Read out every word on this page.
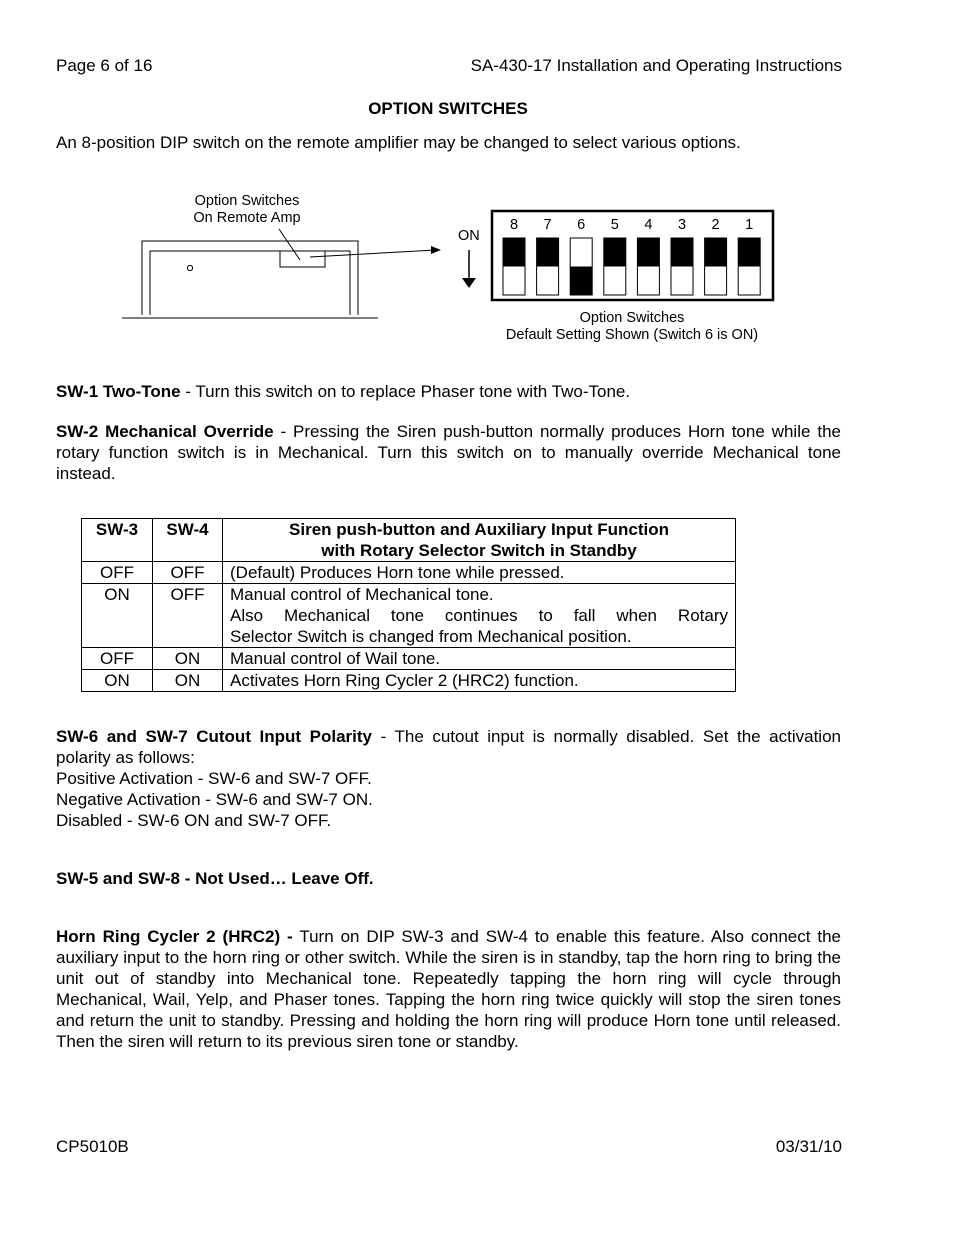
Page 6 of 16	SA-430-17 Installation and Operating Instructions
OPTION SWITCHES
An 8-position DIP switch on the remote amplifier may be changed to select various options.
Option Switches
On Remote Amp
ON
8 7 6 5 4 3 2 1
Option Switches
Default Setting Shown (Switch 6 is ON)
SW-1 Two-Tone - Turn this switch on to replace Phaser tone with Two-Tone.
SW-2 Mechanical Override - Pressing the Siren push-button normally produces Horn tone while the rotary function switch is in Mechanical. Turn this switch on to manually override Mechanical tone instead.
SW-3	SW-4	Siren push-button and Auxiliary Input Function
with Rotary Selector Switch in Standby

OFF	OFF	(Default) Produces Horn tone while pressed.
ON	OFF	Manual control of Mechanical tone.
Also Mechanical tone continues to fall when Rotary
Selector Switch is changed from Mechanical position.

OFF	ON	Manual control of Wail tone.
ON	ON	Activates Horn Ring Cycler 2 (HRC2) function.
SW-6 and SW-7 Cutout Input Polarity - The cutout input is normally disabled. Set the activation polarity as follows:
Positive Activation - SW-6 and SW-7 OFF.
Negative Activation - SW-6 and SW-7 ON.
Disabled - SW-6 ON and SW-7 OFF.
SW-5 and SW-8 - Not Used… Leave Off.
Horn Ring Cycler 2 (HRC2) - Turn on DIP SW-3 and SW-4 to enable this feature. Also connect the auxiliary input to the horn ring or other switch. While the siren is in standby, tap the horn ring to bring the unit out of standby into Mechanical tone. Repeatedly tapping the horn ring will cycle through Mechanical, Wail, Yelp, and Phaser tones. Tapping the horn ring twice quickly will stop the siren tones and return the unit to standby. Pressing and holding the horn ring will produce Horn tone until released. Then the siren will return to its previous siren tone or standby.
CP5010B	03/31/10
